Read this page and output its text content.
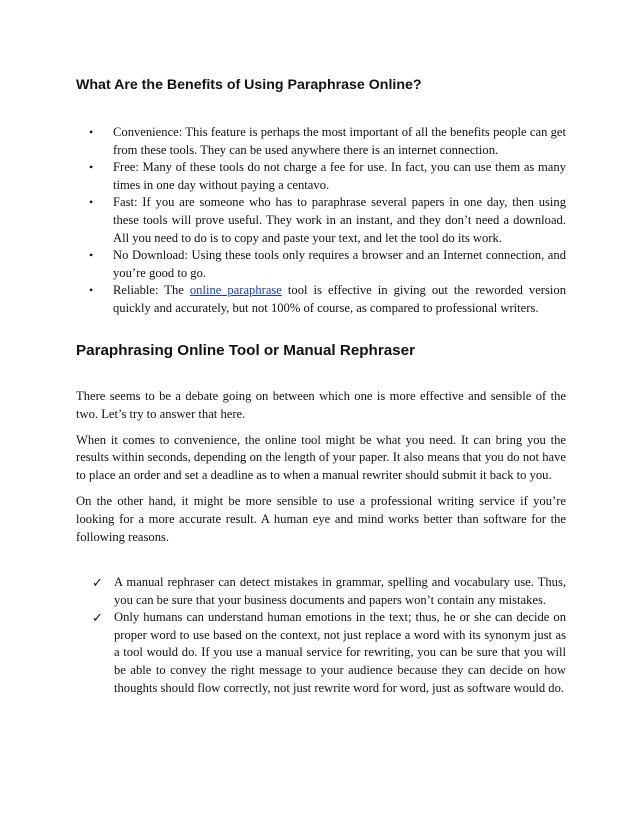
What Are the Benefits of Using Paraphrase Online?
• Convenience: This feature is perhaps the most important of all the benefits people can get from these tools. They can be used anywhere there is an internet connection.
• Free: Many of these tools do not charge a fee for use. In fact, you can use them as many times in one day without paying a centavo.
• Fast: If you are someone who has to paraphrase several papers in one day, then using these tools will prove useful. They work in an instant, and they don’t need a download. All you need to do is to copy and paste your text, and let the tool do its work.
• No Download: Using these tools only requires a browser and an Internet connection, and you’re good to go.
• Reliable: The online paraphrase tool is effective in giving out the reworded version quickly and accurately, but not 100% of course, as compared to professional writers.
Paraphrasing Online Tool or Manual Rephraser

There seems to be a debate going on between which one is more effective and sensible of the two. Let’s try to answer that here.

When it comes to convenience, the online tool might be what you need. It can bring you the results within seconds, depending on the length of your paper. It also means that you do not have to place an order and set a deadline as to when a manual rewriter should submit it back to you.

On the other hand, it might be more sensible to use a professional writing service if you’re looking for a more accurate result. A human eye and mind works better than software for the following reasons.

✓ A manual rephraser can detect mistakes in grammar, spelling and vocabulary use. Thus, you can be sure that your business documents and papers won’t contain any mistakes.
✓ Only humans can understand human emotions in the text; thus, he or she can decide on proper word to use based on the context, not just replace a word with its synonym just as a tool would do. If you use a manual service for rewriting, you can be sure that you will be able to convey the right message to your audience because they can decide on how thoughts should flow correctly, not just rewrite word for word, just as software would do.
